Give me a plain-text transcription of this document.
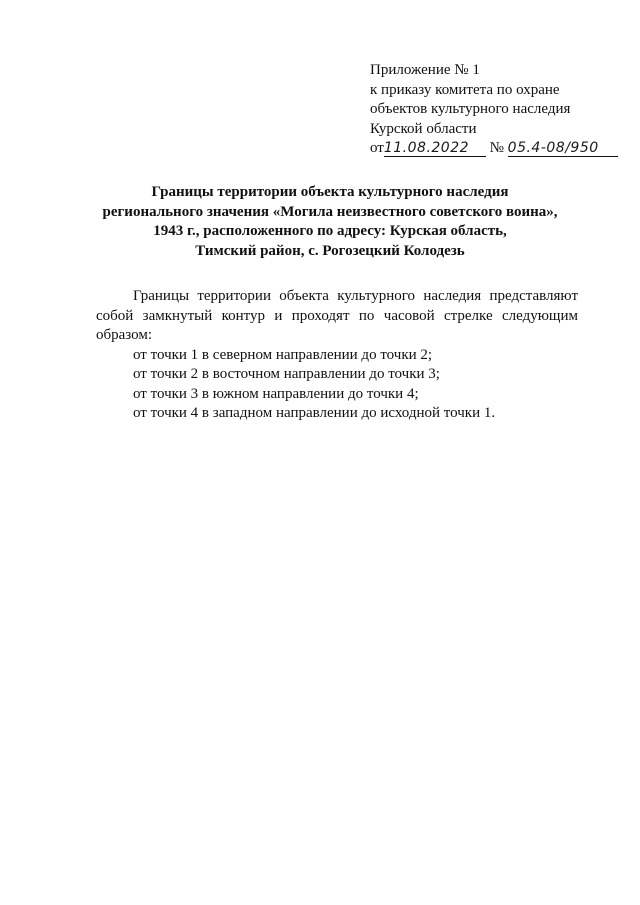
Приложение № 1
к приказу комитета по охране
объектов культурного наследия
Курской области
от11.08.2022 № 05.4-08/950
Границы территории объекта культурного наследия
регионального значения «Могила неизвестного советского воина»,
1943 г., расположенного по адресу: Курская область,
Тимский район, с. Рогозецкий Колодезь

Границы территории объекта культурного наследия представляют собой замкнутый контур и проходят по часовой стрелке следующим образом:

от точки 1 в северном направлении до точки 2;
от точки 2 в восточном направлении до точки 3;
от точки 3 в южном направлении до точки 4;
от точки 4 в западном направлении до исходной точки 1.
